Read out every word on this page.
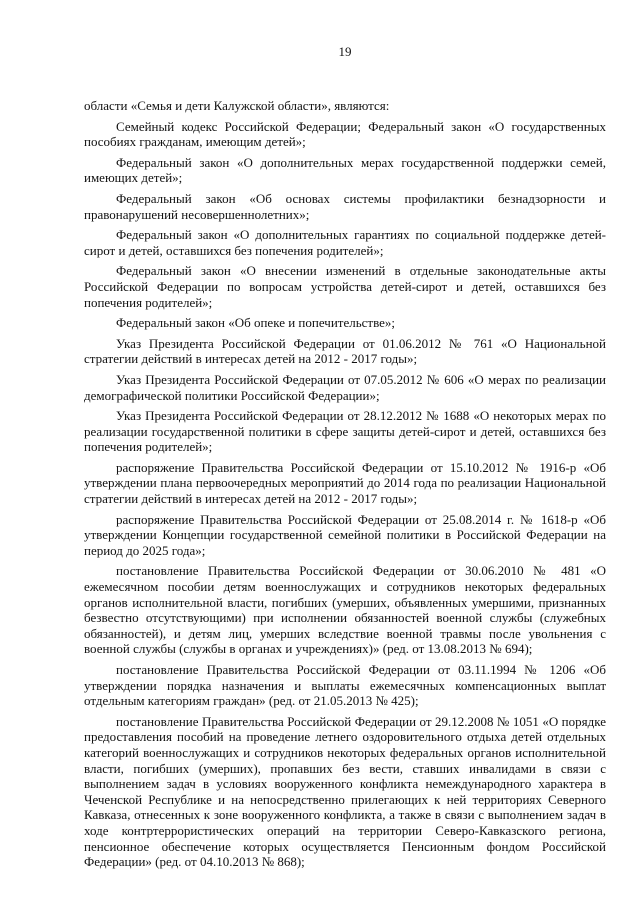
19

области «Семья и дети Калужской области», являются:

Семейный кодекс Российской Федерации; Федеральный закон «О государственных пособиях гражданам, имеющим детей»;

Федеральный закон «О дополнительных мерах государственной поддержки семей, имеющих детей»;

Федеральный закон «Об основах системы профилактики безнадзорности и правонарушений несовершеннолетних»;

Федеральный закон «О дополнительных гарантиях по социальной поддержке детей-сирот и детей, оставшихся без попечения родителей»;

Федеральный закон «О внесении изменений в отдельные законодательные акты Российской Федерации по вопросам устройства детей-сирот и детей, оставшихся без попечения родителей»;

Федеральный закон «Об опеке и попечительстве»;

Указ Президента Российской Федерации от 01.06.2012 № 761 «О Национальной стратегии действий в интересах детей на 2012 - 2017 годы»;

Указ Президента Российской Федерации от 07.05.2012 № 606 «О мерах по реализации демографической политики Российской Федерации»;

Указ Президента Российской Федерации от 28.12.2012 № 1688 «О некоторых мерах по реализации государственной политики в сфере защиты детей-сирот и детей, оставшихся без попечения родителей»;

распоряжение Правительства Российской Федерации от 15.10.2012 № 1916-р «Об утверждении плана первоочередных мероприятий до 2014 года по реализации Национальной стратегии действий в интересах детей на 2012 - 2017 годы»;

распоряжение Правительства Российской Федерации от 25.08.2014 г. № 1618-р «Об утверждении Концепции государственной семейной политики в Российской Федерации на период до 2025 года»;

постановление Правительства Российской Федерации от 30.06.2010 № 481 «О ежемесячном пособии детям военнослужащих и сотрудников некоторых федеральных органов исполнительной власти, погибших (умерших, объявленных умершими, признанных безвестно отсутствующими) при исполнении обязанностей военной службы (служебных обязанностей), и детям лиц, умерших вследствие военной травмы после увольнения с военной службы (службы в органах и учреждениях)» (ред. от 13.08.2013 № 694);

постановление Правительства Российской Федерации от 03.11.1994 № 1206 «Об утверждении порядка назначения и выплаты ежемесячных компенсационных выплат отдельным категориям граждан» (ред. от 21.05.2013 № 425);

постановление Правительства Российской Федерации от 29.12.2008 № 1051 «О порядке предоставления пособий на проведение летнего оздоровительного отдыха детей отдельных категорий военнослужащих и сотрудников некоторых федеральных органов исполнительной власти, погибших (умерших), пропавших без вести, ставших инвалидами в связи с выполнением задач в условиях вооруженного конфликта немеждународного характера в Чеченской Республике и на непосредственно прилегающих к ней территориях Северного Кавказа, отнесенных к зоне вооруженного конфликта, а также в связи с выполнением задач в ходе контртеррористических операций на территории Северо-Кавказского региона, пенсионное обеспечение которых осуществляется Пенсионным фондом Российской Федерации» (ред. от 04.10.2013 № 868);
